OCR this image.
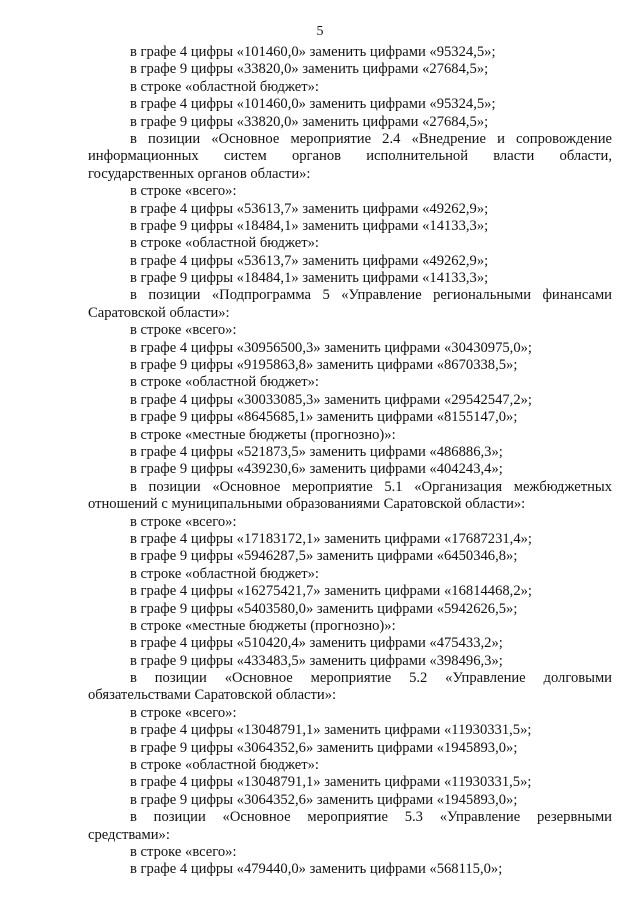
5
в графе 4 цифры «101460,0» заменить цифрами «95324,5»;
в графе 9 цифры «33820,0» заменить цифрами «27684,5»;
в строке «областной бюджет»:
в графе 4 цифры «101460,0» заменить цифрами «95324,5»;
в графе 9 цифры «33820,0» заменить цифрами «27684,5»;
в позиции «Основное мероприятие 2.4 «Внедрение и сопровождение
информационных систем органов исполнительной власти области,
государственных органов области»:
в строке «всего»:
в графе 4 цифры «53613,7» заменить цифрами «49262,9»;
в графе 9 цифры «18484,1» заменить цифрами «14133,3»;
в строке «областной бюджет»:
в графе 4 цифры «53613,7» заменить цифрами «49262,9»;
в графе 9 цифры «18484,1» заменить цифрами «14133,3»;
в позиции «Подпрограмма 5 «Управление региональными финансами
Саратовской области»:
в строке «всего»:
в графе 4 цифры «30956500,3» заменить цифрами «30430975,0»;
в графе 9 цифры «9195863,8» заменить цифрами «8670338,5»;
в строке «областной бюджет»:
в графе 4 цифры «30033085,3» заменить цифрами «29542547,2»;
в графе 9 цифры «8645685,1» заменить цифрами «8155147,0»;
в строке «местные бюджеты (прогнозно)»:
в графе 4 цифры «521873,5» заменить цифрами «486886,3»;
в графе 9 цифры «439230,6» заменить цифрами «404243,4»;
в позиции «Основное мероприятие 5.1 «Организация межбюджетных
отношений с муниципальными образованиями Саратовской области»:
в строке «всего»:
в графе 4 цифры «17183172,1» заменить цифрами «17687231,4»;
в графе 9 цифры «5946287,5» заменить цифрами «6450346,8»;
в строке «областной бюджет»:
в графе 4 цифры «16275421,7» заменить цифрами «16814468,2»;
в графе 9 цифры «5403580,0» заменить цифрами «5942626,5»;
в строке «местные бюджеты (прогнозно)»:
в графе 4 цифры «510420,4» заменить цифрами «475433,2»;
в графе 9 цифры «433483,5» заменить цифрами «398496,3»;
в позиции «Основное мероприятие 5.2 «Управление долговыми
обязательствами Саратовской области»:
в строке «всего»:
в графе 4 цифры «13048791,1» заменить цифрами «11930331,5»;
в графе 9 цифры «3064352,6» заменить цифрами «1945893,0»;
в строке «областной бюджет»:
в графе 4 цифры «13048791,1» заменить цифрами «11930331,5»;
в графе 9 цифры «3064352,6» заменить цифрами «1945893,0»;
в позиции «Основное мероприятие 5.3 «Управление резервными
средствами»:
в строке «всего»:
в графе 4 цифры «479440,0» заменить цифрами «568115,0»;
